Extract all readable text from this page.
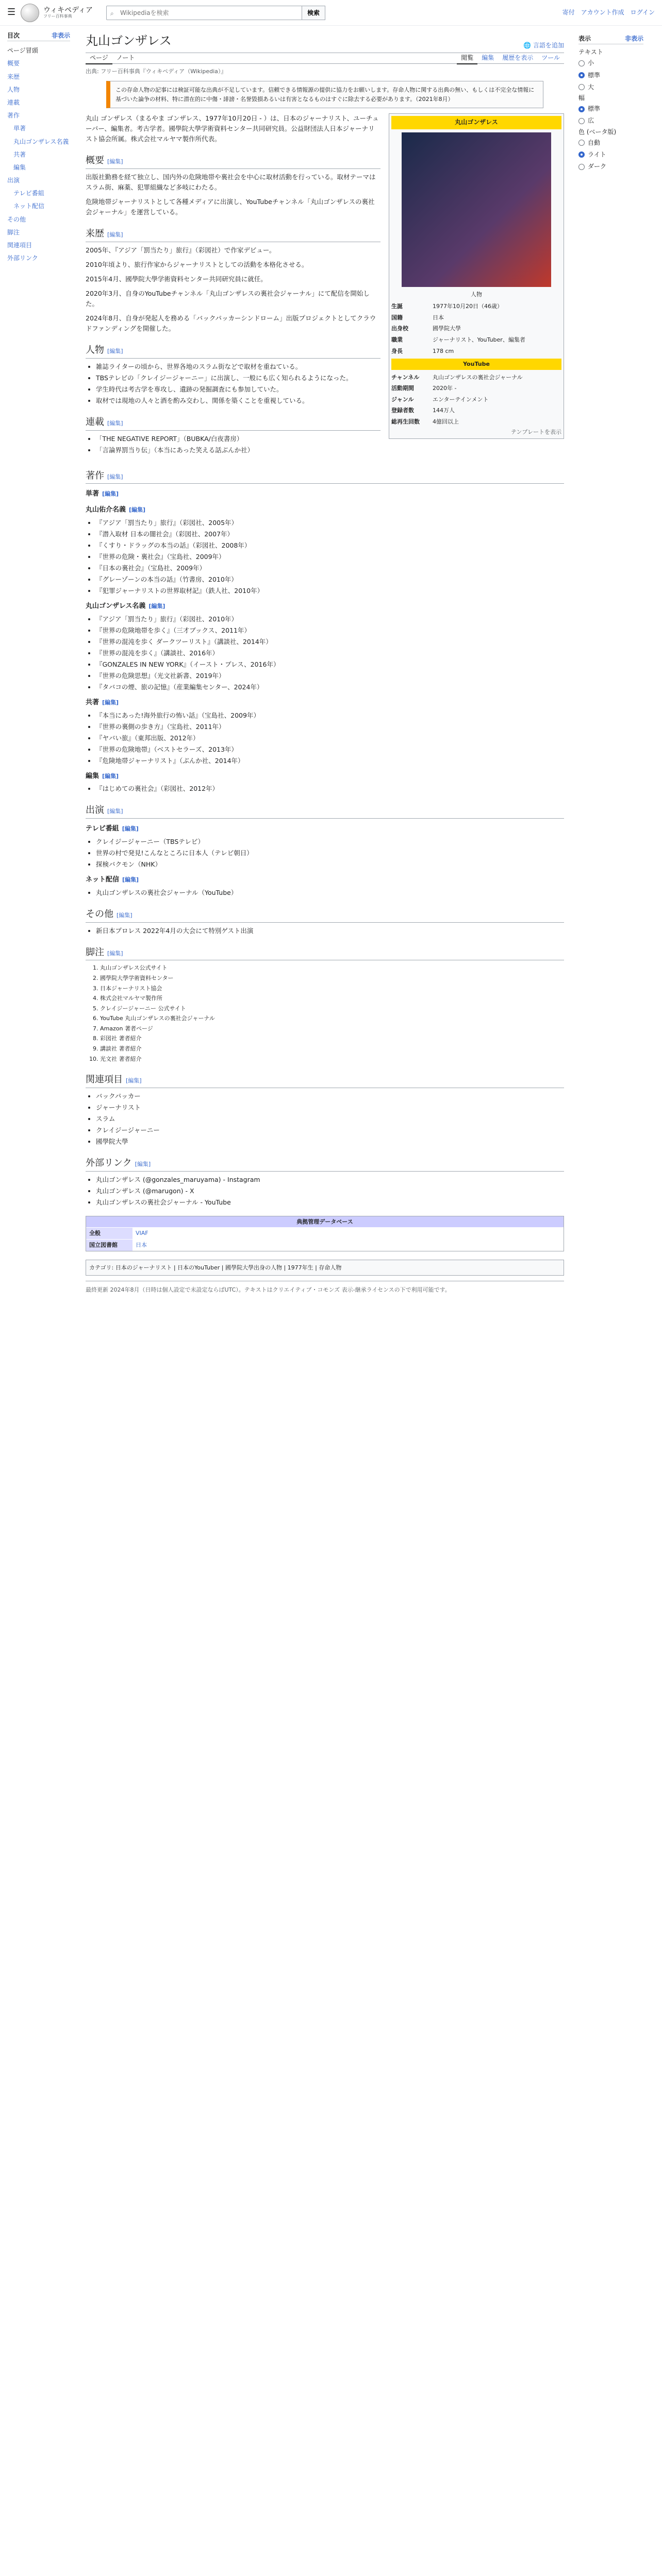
☰	ウィキペディア
フリー百科事典	⌕
Wikipediaを検索	検索	寄付 アカウント作成 ログイン
目次	非表示
ページ冒頭
概要
来歴
人物
連載
著作
単著
丸山ゴンザレス名義
共著
編集
出演
テレビ番組
ネット配信
その他
脚注
関連項目
外部リンク
丸山ゴンザレス	🌐 言語を追加
ページ ノート	閲覧 編集 履歴を表示 ツール
出典: フリー百科事典『ウィキペディア（Wikipedia）』
この存命人物の記事には検証可能な出典が不足しています。信頼できる情報源の提供に協力をお願いします。存命人物に関する出典の無い、もしくは不完全な情報に基づいた論争の材料、特に潜在的に中傷・誹謗・名誉毀損あるいは有害となるものはすぐに除去する必要があります。（2021年8月）

丸山 ゴンザレス（まるやま ゴンザレス、1977年10月20日 - ）は、日本のジャーナリスト、ユーチューバー、編集者。考古学者。國學院大學学術資料センター共同研究員。公益財団法人日本ジャーナリスト協会所属。株式会社マルヤマ製作所代表。

概要 [編集]

出版社勤務を経て独立し、国内外の危険地帯や裏社会を中心に取材活動を行っている。取材テーマはスラム街、麻薬、犯罪組織など多岐にわたる。

危険地帯ジャーナリストとして各種メディアに出演し、YouTubeチャンネル「丸山ゴンザレスの裏社会ジャーナル」を運営している。

来歴 [編集]

2005年、『アジア「罰当たり」旅行』（彩図社）で作家デビュー。

2010年頃より、旅行作家からジャーナリストとしての活動を本格化させる。

2015年4月、國學院大學学術資料センター共同研究員に就任。

2020年3月、自身のYouTubeチャンネル「丸山ゴンザレスの裏社会ジャーナル」にて配信を開始した。

2024年8月、自身が発起人を務める「バックパッカーシンドローム」出版プロジェクトとしてクラウドファンディングを開催した。

人物 [編集]
• 雑誌ライターの頃から、世界各地のスラム街などで取材を重ねている。
• TBSテレビの「クレイジージャーニー」に出演し、一般にも広く知られるようになった。
• 学生時代は考古学を専攻し、遺跡の発掘調査にも参加していた。
• 取材では現地の人々と酒を酌み交わし、関係を築くことを重視している。
連載 [編集]
• 「THE NEGATIVE REPORT」（BUBKA/白夜書房）
• 「言論界罰当り伝」（本当にあった笑える話ぶんか社）
丸山ゴンザレス
人物
生誕	1977年10月20日（46歳）
国籍	日本
出身校	國學院大學
職業	ジャーナリスト、YouTuber、編集者
身長	178 cm
YouTube
チャンネル	丸山ゴンザレスの裏社会ジャーナル
活動期間	2020年 -
ジャンル	エンターテインメント
登録者数	144万人
総再生回数	4億回以上
テンプレートを表示
著作 [編集]
単著 [編集]
丸山佑介名義 [編集]
• 『アジア「罰当たり」旅行』（彩図社、2005年）
• 『潜入取材 日本の闇社会』（彩図社、2007年）
• 『くすり・ドラッグの本当の話』（彩図社、2008年）
• 『世界の危険・裏社会』（宝島社、2009年）
• 『日本の裏社会』（宝島社、2009年）
• 『グレーゾーンの本当の話』（竹書房、2010年）
• 『犯罪ジャーナリストの世界取材記』（鉄人社、2010年）
丸山ゴンザレス名義 [編集]
• 『アジア「罰当たり」旅行』（彩図社、2010年）
• 『世界の危険地帯を歩く』（三才ブックス、2011年）
• 『世界の混沌を歩く ダークツーリスト』（講談社、2014年）
• 『世界の混沌を歩く』（講談社、2016年）
• 『GONZALES IN NEW YORK』（イースト・プレス、2016年）
• 『世界の危険思想』（光文社新書、2019年）
• 『タバコの煙、旅の記憶』（産業編集センター、2024年）
共著 [編集]
• 『本当にあった!海外旅行の怖い話』（宝島社、2009年）
• 『世界の裏側の歩き方』（宝島社、2011年）
• 『ヤバい旅』（東邦出版、2012年）
• 『世界の危険地帯』（ベストセラーズ、2013年）
• 『危険地帯ジャーナリスト』（ぶんか社、2014年）
編集 [編集]
• 『はじめての裏社会』（彩図社、2012年）
出演 [編集]
テレビ番組 [編集]
• クレイジージャーニー（TBSテレビ）
• 世界の村で発見!こんなところに日本人（テレビ朝日）
• 探検バクモン（NHK）
ネット配信 [編集]
• 丸山ゴンザレスの裏社会ジャーナル（YouTube）
その他 [編集]
• 新日本プロレス 2022年4月の大会にて特別ゲスト出演
脚注 [編集]
1. 丸山ゴンザレス公式サイト
2. 國學院大學学術資料センター
3. 日本ジャーナリスト協会
4. 株式会社マルヤマ製作所
5. クレイジージャーニー 公式サイト
6. YouTube 丸山ゴンザレスの裏社会ジャーナル
7. Amazon 著者ページ
8. 彩図社 著者紹介
9. 講談社 著者紹介
10. 光文社 著者紹介
関連項目 [編集]
• バックパッカー
• ジャーナリスト
• スラム
• クレイジージャーニー
• 國學院大學
外部リンク [編集]
• 丸山ゴンザレス (@gonzales_maruyama) - Instagram
• 丸山ゴンザレス (@marugon) - X
• 丸山ゴンザレスの裏社会ジャーナル - YouTube
典拠管理データベース
全般	VIAF
国立図書館	日本
カテゴリ: 日本のジャーナリスト | 日本のYouTuber | 國學院大學出身の人物 | 1977年生 | 存命人物
最終更新 2024年8月（日時は個人設定で未設定ならばUTC）。テキストはクリエイティブ・コモンズ 表示-継承ライセンスの下で利用可能です。
表示	非表示
テキスト
小
標準
大
幅
標準
広
色 (ベータ版)
自動
ライト
ダーク
